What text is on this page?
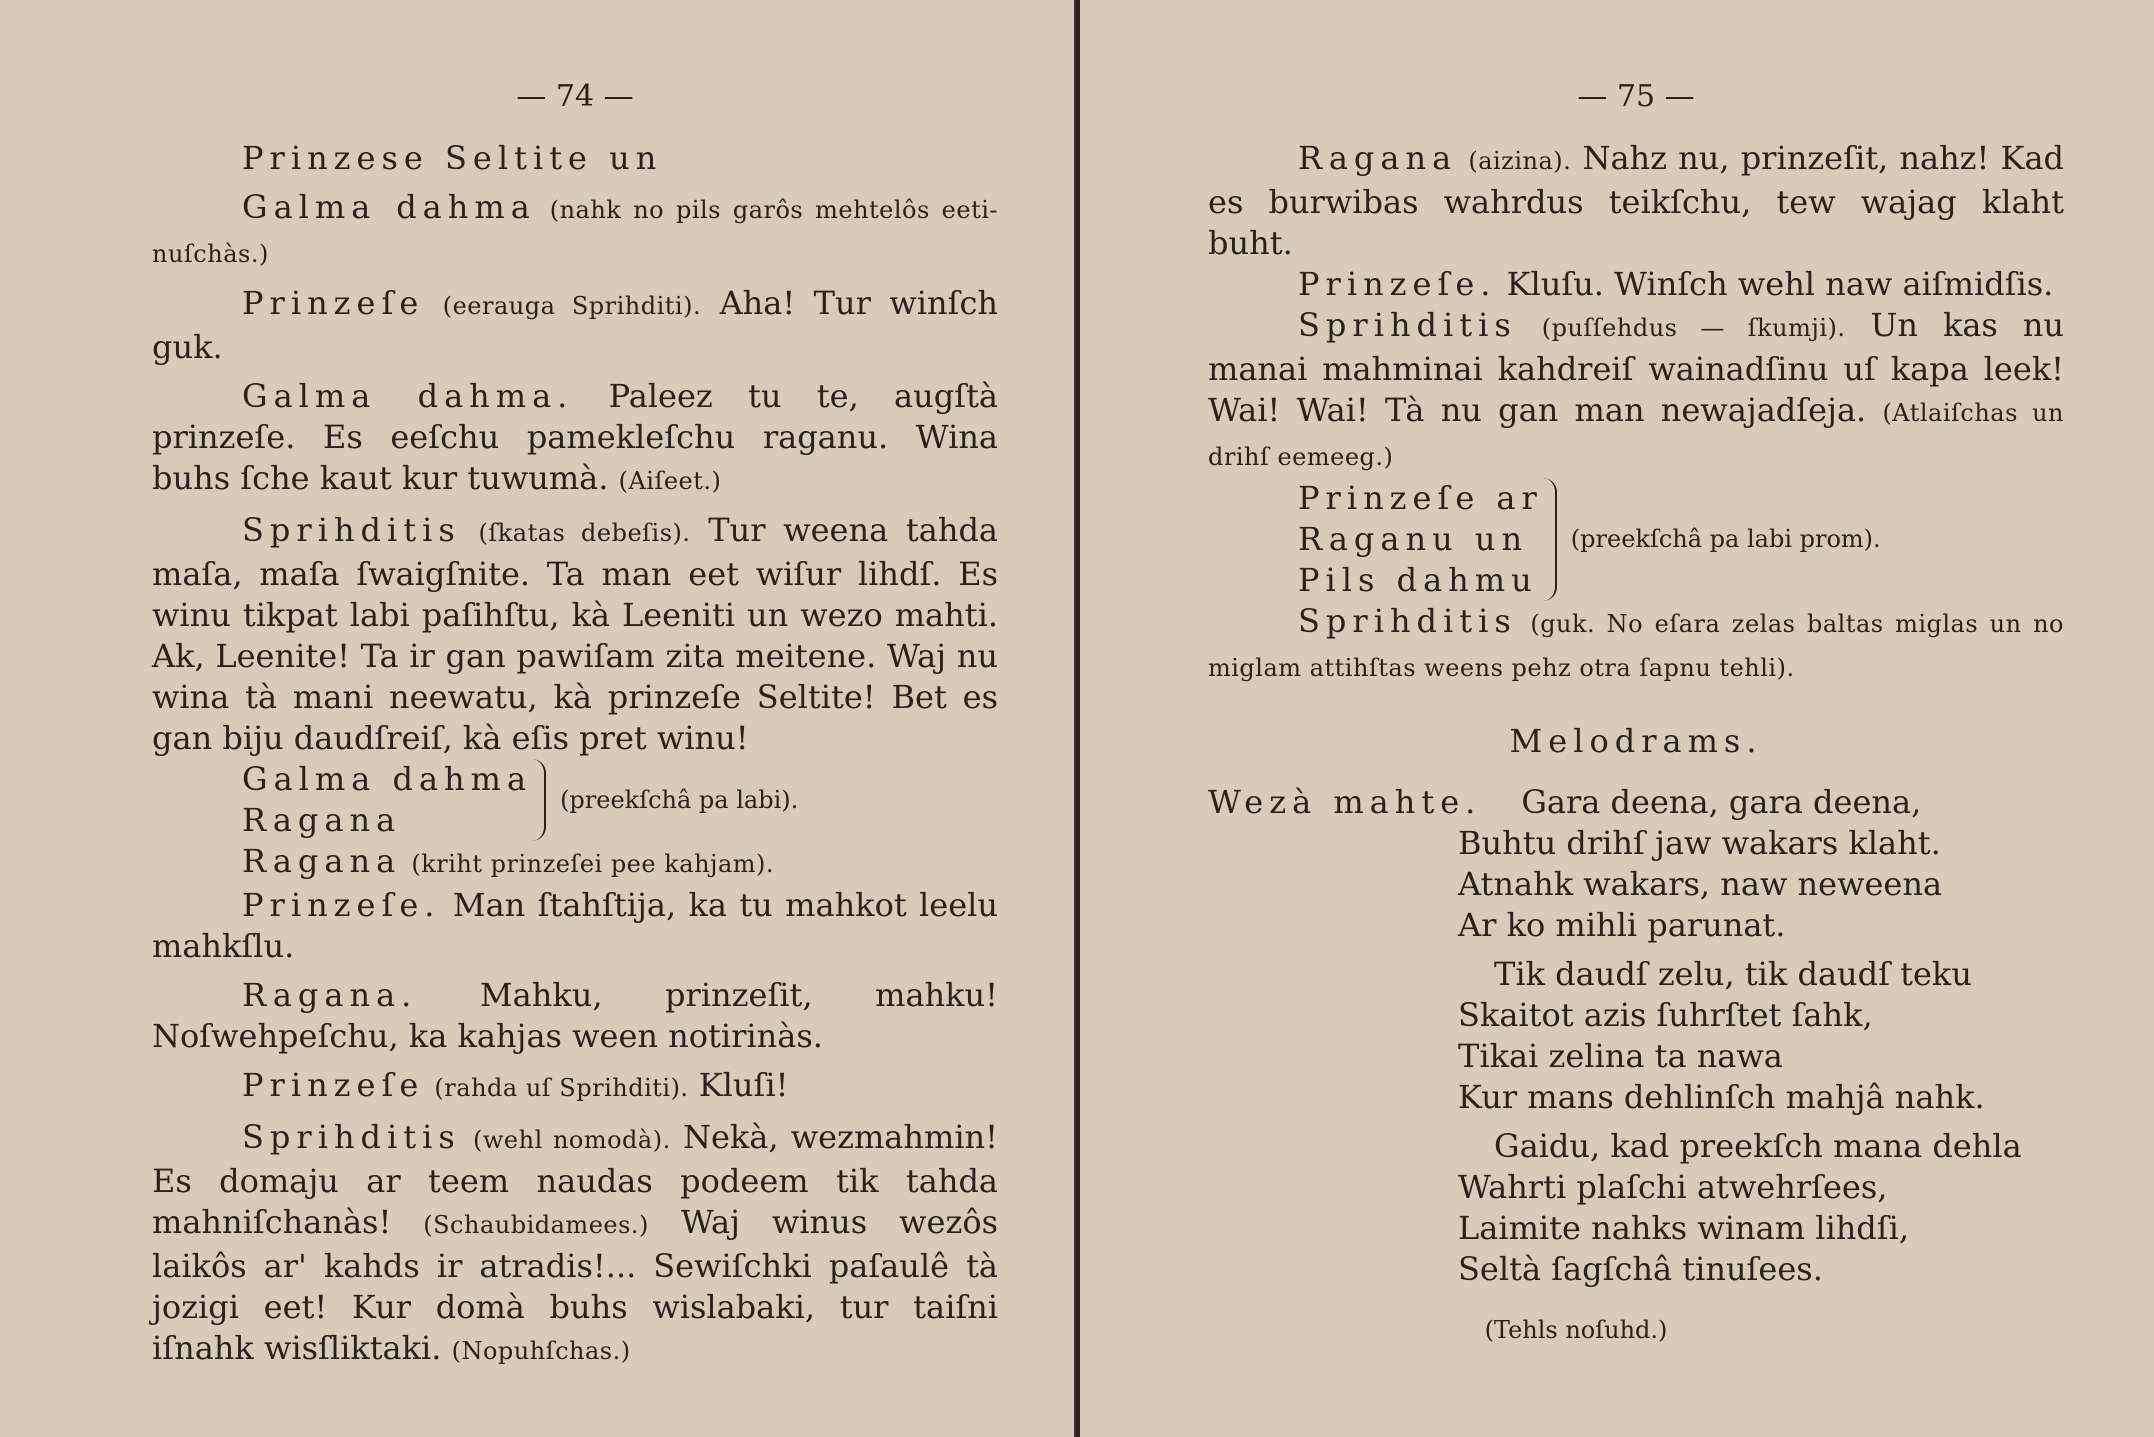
— 74 —

Prinzese Seltite un

Galma dahma (nahk no pils garôs mehtelôs eeti-nuſchàs.)

Prinzeſe (eerauga Sprihditi). Aha! Tur winſch guk.

Galma dahma. Paleez tu te, augſtà prinzeſe. Es eeſchu pamekleſchu raganu. Wina buhs ſche kaut kur tuwumà. (Aiſeet.)

Sprihditis (ſkatas debeſis). Tur weena tahda maſa, maſa ſwaigſnite. Ta man eet wiſur lihdſ. Es winu tikpat labi paſihſtu, kà Leeniti un wezo mahti. Ak, Leenite! Ta ir gan pawiſam zita meitene. Waj nu wina tà mani neewatu, kà prinzeſe Seltite! Bet es gan biju daudſreiſ, kà eſis pret winu!

Galma dahma
Ragana
(preekſchâ pa labi).

Ragana (kriht prinzeſei pee kahjam).

Prinzeſe. Man ſtahſtija, ka tu mahkot leelu mahkſlu.

Ragana. Mahku, prinzeſit, mahku! Noſwehpeſchu, ka kahjas ween notirinàs.

Prinzeſe (rahda uſ Sprihditi). Kluſi!

Sprihditis (wehl nomodà). Nekà, wezmahmin! Es domaju ar teem naudas podeem tik tahda mahniſchanàs! (Schaubidamees.) Waj winus wezôs laikôs ar' kahds ir atradis!... Sewiſchki paſaulê tà jozigi eet! Kur domà buhs wislabaki, tur taiſni iſnahk wisſliktaki. (Nopuhſchas.)

— 75 —

Ragana (aizina). Nahz nu, prinzeſit, nahz! Kad es burwibas wahrdus teikſchu, tew wajag klaht buht.

Prinzeſe. Kluſu. Winſch wehl naw aiſmidſis.

Sprihditis (puſſehdus — ſkumji). Un kas nu manai mahminai kahdreiſ wainadſinu uſ kapa leek! Wai! Wai! Tà nu gan man newajadſeja. (Atlaiſchas un drihſ eemeeg.)

Prinzeſe ar
Raganu un
Pils dahmu
(preekſchâ pa labi prom).

Sprihditis (guk. No eſara zelas baltas miglas un no miglam attihſtas weens pehz otra ſapnu tehli).

Melodrams.

Wezà mahte. Gara deena, gara deena,
Buhtu drihſ jaw wakars klaht.
Atnahk wakars, naw neweena
Ar ko mihli parunat.
Tik daudſ zelu, tik daudſ teku
Skaitot azis ſuhrſtet ſahk,
Tikai zelina ta nawa
Kur mans dehlinſch mahjâ nahk.
Gaidu, kad preekſch mana dehla
Wahrti plaſchi atwehrſees,
Laimite nahks winam lihdſi,
Seltà ſagſchâ tinuſees.

(Tehls noſuhd.)
